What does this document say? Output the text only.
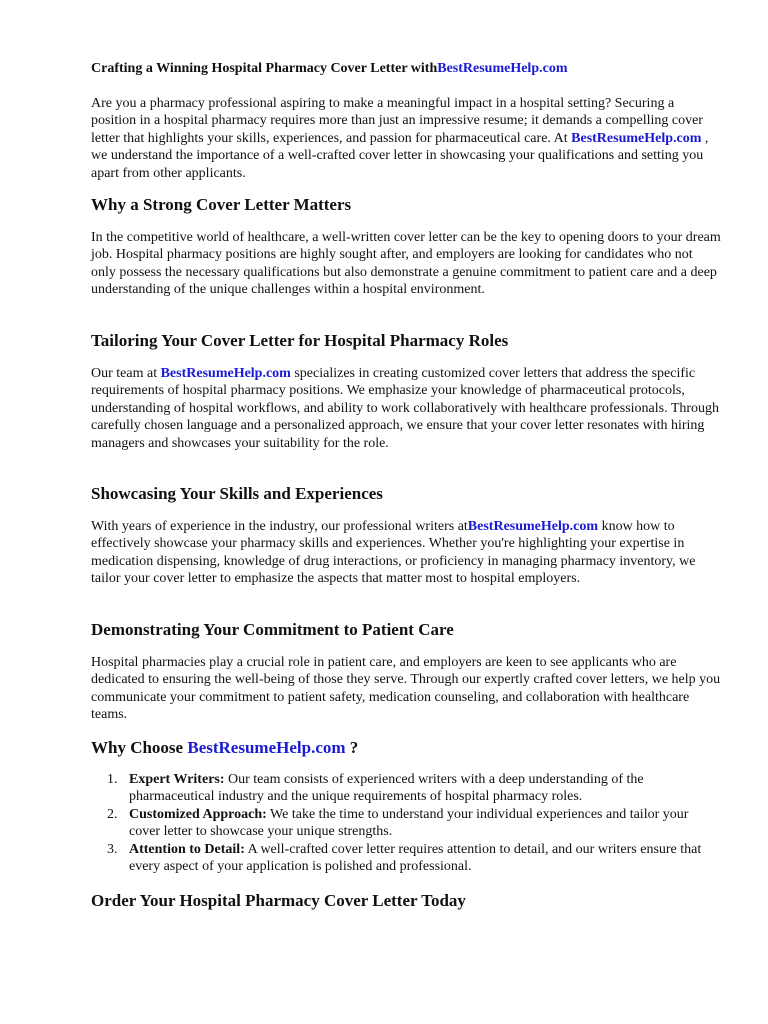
Crafting a Winning Hospital Pharmacy Cover Letter withBestResumeHelp.com

Are you a pharmacy professional aspiring to make a meaningful impact in a hospital setting? Securing a position in a hospital pharmacy requires more than just an impressive resume; it demands a compelling cover letter that highlights your skills, experiences, and passion for pharmaceutical care. At BestResumeHelp.com , we understand the importance of a well-crafted cover letter in showcasing your qualifications and setting you apart from other applicants.

Why a Strong Cover Letter Matters

In the competitive world of healthcare, a well-written cover letter can be the key to opening doors to your dream job. Hospital pharmacy positions are highly sought after, and employers are looking for candidates who not only possess the necessary qualifications but also demonstrate a genuine commitment to patient care and a deep understanding of the unique challenges within a hospital environment.

Tailoring Your Cover Letter for Hospital Pharmacy Roles

Our team at BestResumeHelp.com specializes in creating customized cover letters that address the specific requirements of hospital pharmacy positions. We emphasize your knowledge of pharmaceutical protocols, understanding of hospital workflows, and ability to work collaboratively with healthcare professionals. Through carefully chosen language and a personalized approach, we ensure that your cover letter resonates with hiring managers and showcases your suitability for the role.

Showcasing Your Skills and Experiences

With years of experience in the industry, our professional writers atBestResumeHelp.com know how to effectively showcase your pharmacy skills and experiences. Whether you're highlighting your expertise in medication dispensing, knowledge of drug interactions, or proficiency in managing pharmacy inventory, we tailor your cover letter to emphasize the aspects that matter most to hospital employers.

Demonstrating Your Commitment to Patient Care

Hospital pharmacies play a crucial role in patient care, and employers are keen to see applicants who are dedicated to ensuring the well-being of those they serve. Through our expertly crafted cover letters, we help you communicate your commitment to patient safety, medication counseling, and collaboration with healthcare teams.

Why Choose BestResumeHelp.com ?
1. Expert Writers: Our team consists of experienced writers with a deep understanding of the pharmaceutical industry and the unique requirements of hospital pharmacy roles.
2. Customized Approach: We take the time to understand your individual experiences and tailor your cover letter to showcase your unique strengths.
3. Attention to Detail: A well-crafted cover letter requires attention to detail, and our writers ensure that every aspect of your application is polished and professional.
Order Your Hospital Pharmacy Cover Letter Today
